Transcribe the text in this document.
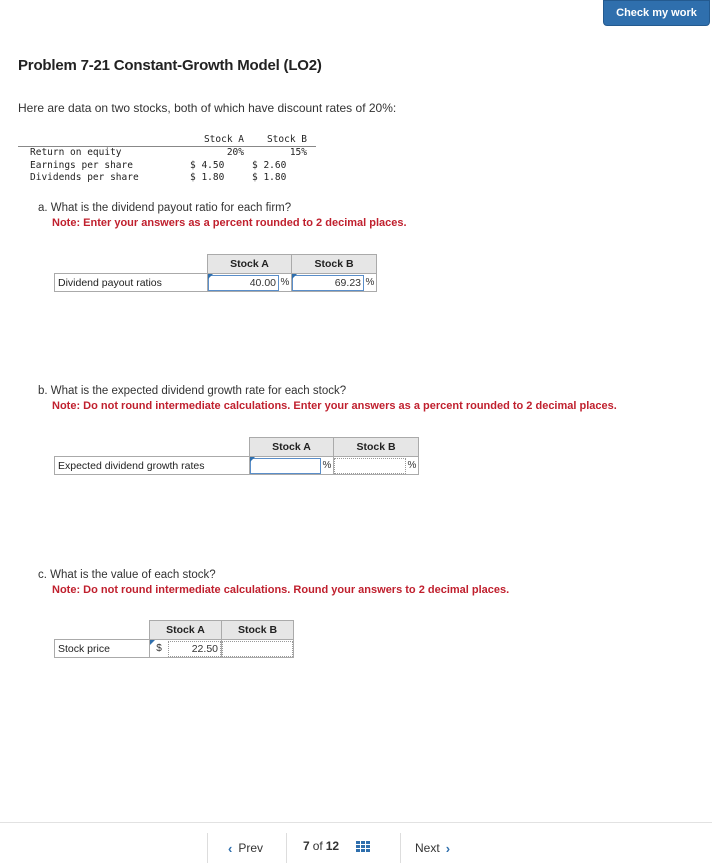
Check my work
Problem 7-21 Constant-Growth Model (LO2)

Here are data on two stocks, both of which have discount rates of 20%:

	Stock A	Stock B
Return on equity	20%	15%
Earnings per share	$ 4.50	$ 2.60
Dividends per share	$ 1.80	$ 1.80

a. What is the dividend payout ratio for each firm?

Note: Enter your answers as a percent rounded to 2 decimal places.

	Stock A	Stock B
Dividend payout ratios	40.00 %	69.23 %

b. What is the expected dividend growth rate for each stock?

Note: Do not round intermediate calculations. Enter your answers as a percent rounded to 2 decimal places.

	Stock A	Stock B
Expected dividend growth rates	%	%

c. What is the value of each stock?

Note: Do not round intermediate calculations. Round your answers to 2 decimal places.

	Stock A	Stock B
Stock price	$ 22.50	

‹ Prev	7 of 12	Next ›
